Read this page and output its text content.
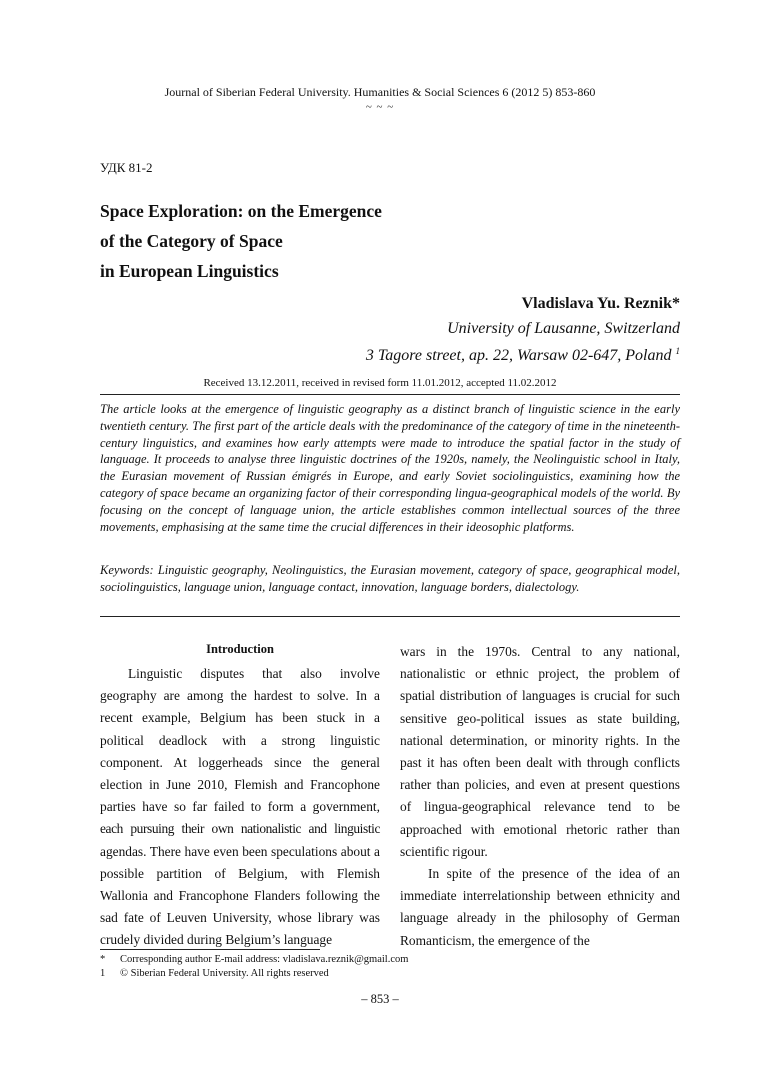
Journal of Siberian Federal University. Humanities & Social Sciences 6 (2012 5) 853-860
~ ~ ~
УДК 81-2
Space Exploration: on the Emergence
of the Category of Space
in European Linguistics
Vladislava Yu. Reznik*
University of Lausanne, Switzerland
3 Tagore street, ap. 22, Warsaw 02-647, Poland $^1$
Received 13.12.2011, received in revised form 11.01.2012, accepted 11.02.2012
The article looks at the emergence of linguistic geography as a distinct branch of linguistic science in the early twentieth century. The first part of the article deals with the predominance of the category of time in the nineteenth-century linguistics, and examines how early attempts were made to introduce the spatial factor in the study of language. It proceeds to analyse three linguistic doctrines of the 1920s, namely, the Neolinguistic school in Italy, the Eurasian movement of Russian émigrés in Europe, and early Soviet sociolinguistics, examining how the category of space became an organizing factor of their corresponding lingua-geographical models of the world. By focusing on the concept of language union, the article establishes common intellectual sources of the three movements, emphasising at the same time the crucial differences in their ideosophic platforms.
Keywords: Linguistic geography, Neolinguistics, the Eurasian movement, category of space, geographical model, sociolinguistics, language union, language contact, innovation, language borders, dialectology.
Introduction

Linguistic disputes that also involve geography are among the hardest to solve. In a recent example, Belgium has been stuck in a political deadlock with a strong linguistic component. At loggerheads since the general election in June 2010, Flemish and Francophone parties have so far failed to form a government, each pursuing their own nationalistic and linguistic agendas. There have even been speculations about a possible partition of Belgium, with Flemish Wallonia and Francophone Flanders following the sad fate of Leuven University, whose library was crudely divided during Belgium’s language

wars in the 1970s. Central to any national, nationalistic or ethnic project, the problem of spatial distribution of languages is crucial for such sensitive geo-political issues as state building, national determination, or minority rights. In the past it has often been dealt with through conflicts rather than policies, and even at present questions of lingua-geographical relevance tend to be approached with emotional rhetoric rather than scientific rigour.

In spite of the presence of the idea of an immediate interrelationship between ethnicity and language already in the philosophy of German Romanticism, the emergence of the

*	Corresponding author E-mail address: vladislava.reznik@gmail.com
1	© Siberian Federal University. All rights reserved
– 853 –
